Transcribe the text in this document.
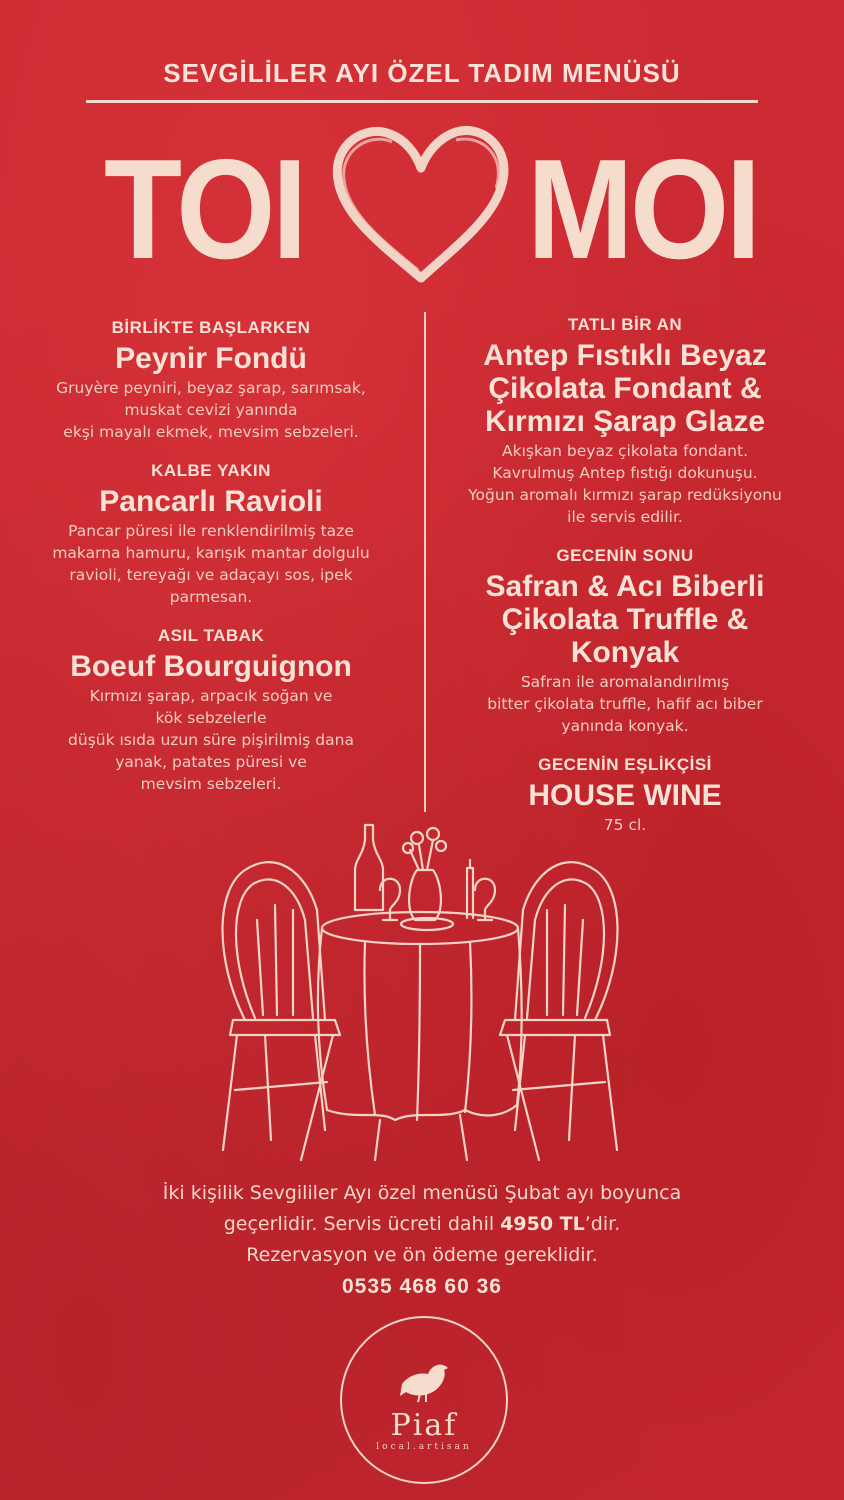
SEVGİLİLER AYI ÖZEL TADIM MENÜSÜ
TOI MOI
BİRLİKTE BAŞLARKEN
Peynir Fondü
Gruyère peyniri, beyaz şarap, sarımsak,
muskat cevizi yanında
ekşi mayalı ekmek, mevsim sebzeleri.
KALBE YAKIN
Pancarlı Ravioli
Pancar püresi ile renklendirilmiş taze
makarna hamuru, karışık mantar dolgulu
ravioli, tereyağı ve adaçayı sos, ipek
parmesan.
ASIL TABAK
Boeuf Bourguignon
Kırmızı şarap, arpacık soğan ve
kök sebzelerle
düşük ısıda uzun süre pişirilmiş dana
yanak, patates püresi ve
mevsim sebzeleri.
TATLI BİR AN
Antep Fıstıklı Beyaz
Çikolata Fondant &
Kırmızı Şarap Glaze
Akışkan beyaz çikolata fondant.
Kavrulmuş Antep fıstığı dokunuşu.
Yoğun aromalı kırmızı şarap redüksiyonu
ile servis edilir.
GECENİN SONU
Safran & Acı Biberli
Çikolata Truffle &
Konyak
Safran ile aromalandırılmış
bitter çikolata truffle, hafif acı biber
yanında konyak.
GECENİN EŞLİKÇİSİ
HOUSE WINE
75 cl.
İki kişilik Sevgililer Ayı özel menüsü Şubat ayı boyunca
geçerlidir. Servis ücreti dahil 4950 TL’dir.
Rezervasyon ve ön ödeme gereklidir.
0535 468 60 36
Piaf
local.artisan
